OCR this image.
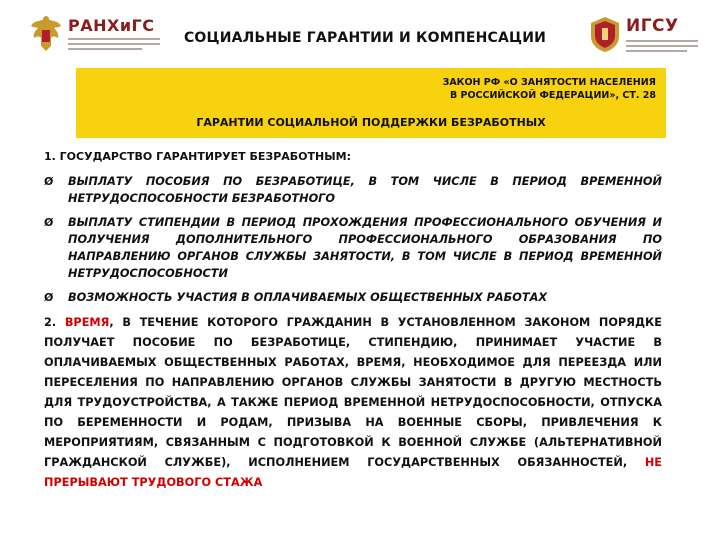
РАНХиГС
СОЦИАЛЬНЫЕ ГАРАНТИИ И КОМПЕНСАЦИИ
ИГСУ
ЗАКОН РФ «О ЗАНЯТОСТИ НАСЕЛЕНИЯ
В РОССИЙСКОЙ ФЕДЕРАЦИИ», СТ. 28
ГАРАНТИИ СОЦИАЛЬНОЙ ПОДДЕРЖКИ БЕЗРАБОТНЫХ

1. ГОСУДАРСТВО ГАРАНТИРУЕТ БЕЗРАБОТНЫМ:

Ø ВЫПЛАТУ ПОСОБИЯ ПО БЕЗРАБОТИЦЕ, В ТОМ ЧИСЛЕ В ПЕРИОД ВРЕМЕННОЙ НЕТРУДОСПОСОБНОСТИ БЕЗРАБОТНОГО
Ø ВЫПЛАТУ СТИПЕНДИИ В ПЕРИОД ПРОХОЖДЕНИЯ ПРОФЕССИОНАЛЬНОГО ОБУЧЕНИЯ И ПОЛУЧЕНИЯ ДОПОЛНИТЕЛЬНОГО ПРОФЕССИОНАЛЬНОГО ОБРАЗОВАНИЯ ПО НАПРАВЛЕНИЮ ОРГАНОВ СЛУЖБЫ ЗАНЯТОСТИ, В ТОМ ЧИСЛЕ В ПЕРИОД ВРЕМЕННОЙ НЕТРУДОСПОСОБНОСТИ
Ø ВОЗМОЖНОСТЬ УЧАСТИЯ В ОПЛАЧИВАЕМЫХ ОБЩЕСТВЕННЫХ РАБОТАХ
2. ВРЕМЯ, В ТЕЧЕНИЕ КОТОРОГО ГРАЖДАНИН В УСТАНОВЛЕННОМ ЗАКОНОМ ПОРЯДКЕ ПОЛУЧАЕТ ПОСОБИЕ ПО БЕЗРАБОТИЦЕ, СТИПЕНДИЮ, ПРИНИМАЕТ УЧАСТИЕ В ОПЛАЧИВАЕМЫХ ОБЩЕСТВЕННЫХ РАБОТАХ, ВРЕМЯ, НЕОБХОДИМОЕ ДЛЯ ПЕРЕЕЗДА ИЛИ ПЕРЕСЕЛЕНИЯ ПО НАПРАВЛЕНИЮ ОРГАНОВ СЛУЖБЫ ЗАНЯТОСТИ В ДРУГУЮ МЕСТНОСТЬ ДЛЯ ТРУДОУСТРОЙСТВА, А ТАКЖЕ ПЕРИОД ВРЕМЕННОЙ НЕТРУДОСПОСОБНОСТИ, ОТПУСКА ПО БЕРЕМЕННОСТИ И РОДАМ, ПРИЗЫВА НА ВОЕННЫЕ СБОРЫ, ПРИВЛЕЧЕНИЯ К МЕРОПРИЯТИЯМ, СВЯЗАННЫМ С ПОДГОТОВКОЙ К ВОЕННОЙ СЛУЖБЕ (АЛЬТЕРНАТИВНОЙ ГРАЖДАНСКОЙ СЛУЖБЕ), ИСПОЛНЕНИЕМ ГОСУДАРСТВЕННЫХ ОБЯЗАННОСТЕЙ, НЕ ПРЕРЫВАЮТ ТРУДОВОГО СТАЖА
